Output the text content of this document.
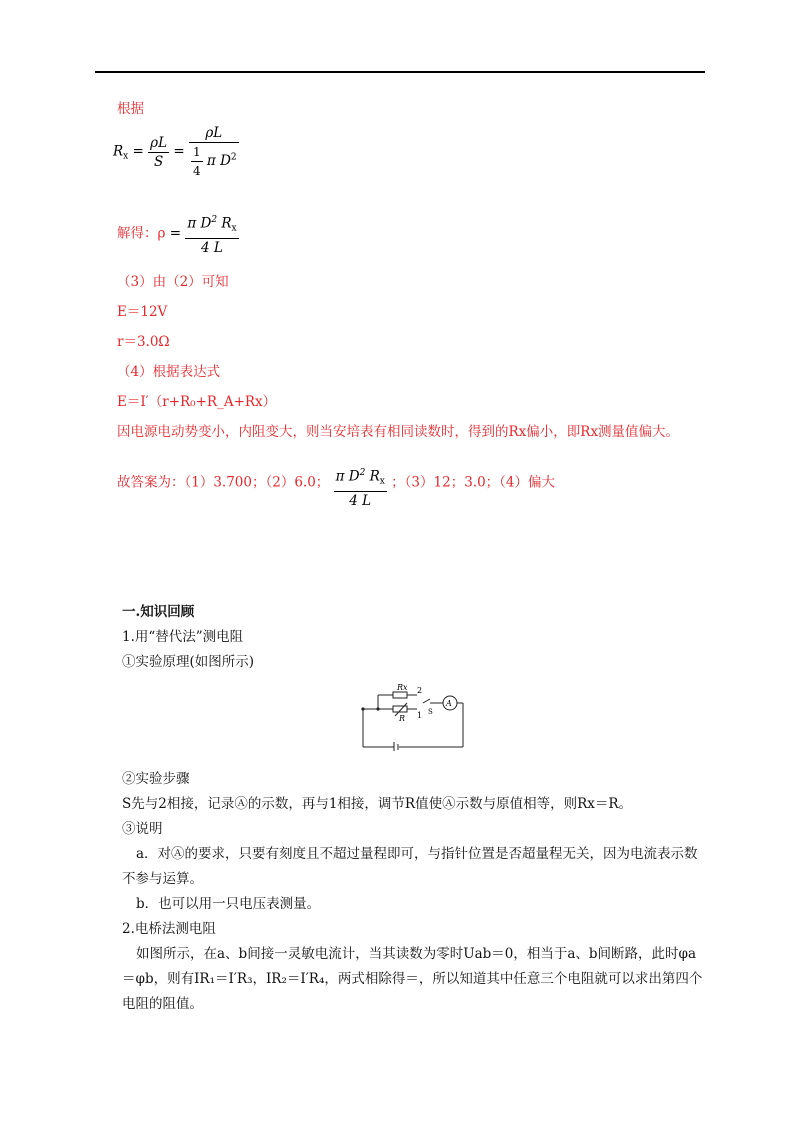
根据
$R_x = \frac{\rho L}{S} = \frac{\rho L}{\frac{1}{4} \pi D^2}$
解得：$\rho = \frac{\pi D^2 R_x}{4 L}$
（3）由（2）可知
E＝12V
r＝3.0Ω
（4）根据表达式
E＝I′（r+R₀+R_A+Rx）
因电源电动势变小，内阻变大，则当安培表有相同读数时，得到的Rx偏小，即Rx测量值偏大。
故答案为：（1）3.700；（2）6.0； $\frac{\pi D^2 R_x}{4 L}$ ；（3）12；3.0；（4）偏大
一.知识回顾
1.用“替代法”测电阻
①实验原理(如图所示)
Rx
R
2
1 S
A
②实验步骤
S先与2相接，记录Ⓐ的示数，再与1相接，调节R值使Ⓐ示数与原值相等，则Rx＝R。
③说明
a．对Ⓐ的要求，只要有刻度且不超过量程即可，与指针位置是否超量程无关，因为电流表示数不参与运算。
b．也可以用一只电压表测量。
2.电桥法测电阻
如图所示，在a、b间接一灵敏电流计，当其读数为零时Uab＝0，相当于a、b间断路，此时φa＝φb，则有IR₁＝I′R₃，IR₂＝I′R₄，两式相除得＝，所以知道其中任意三个电阻就可以求出第四个电阻的阻值。
